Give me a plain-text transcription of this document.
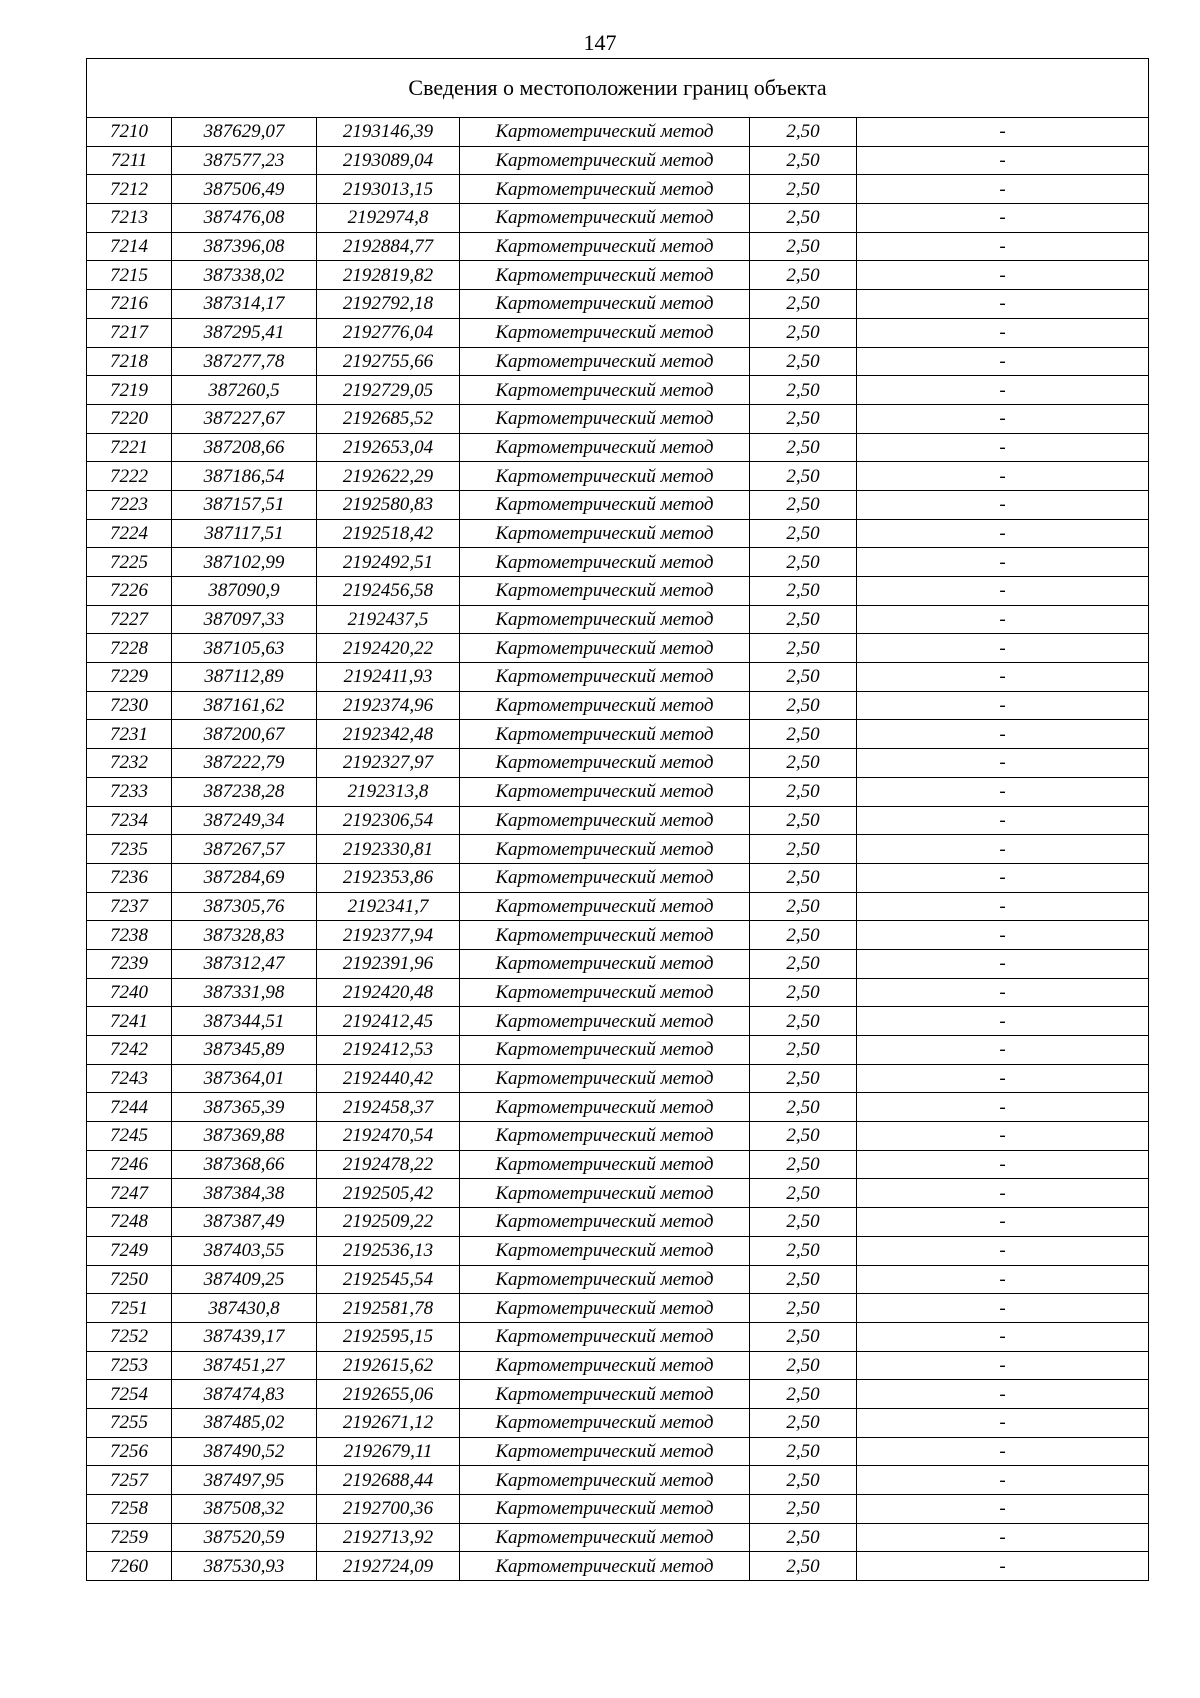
147
Сведения о местоположении границ объекта					
7210	387629,07	2193146,39	Картометрический метод	2,50	-
7211	387577,23	2193089,04	Картометрический метод	2,50	-
7212	387506,49	2193013,15	Картометрический метод	2,50	-
7213	387476,08	2192974,8	Картометрический метод	2,50	-
7214	387396,08	2192884,77	Картометрический метод	2,50	-
7215	387338,02	2192819,82	Картометрический метод	2,50	-
7216	387314,17	2192792,18	Картометрический метод	2,50	-
7217	387295,41	2192776,04	Картометрический метод	2,50	-
7218	387277,78	2192755,66	Картометрический метод	2,50	-
7219	387260,5	2192729,05	Картометрический метод	2,50	-
7220	387227,67	2192685,52	Картометрический метод	2,50	-
7221	387208,66	2192653,04	Картометрический метод	2,50	-
7222	387186,54	2192622,29	Картометрический метод	2,50	-
7223	387157,51	2192580,83	Картометрический метод	2,50	-
7224	387117,51	2192518,42	Картометрический метод	2,50	-
7225	387102,99	2192492,51	Картометрический метод	2,50	-
7226	387090,9	2192456,58	Картометрический метод	2,50	-
7227	387097,33	2192437,5	Картометрический метод	2,50	-
7228	387105,63	2192420,22	Картометрический метод	2,50	-
7229	387112,89	2192411,93	Картометрический метод	2,50	-
7230	387161,62	2192374,96	Картометрический метод	2,50	-
7231	387200,67	2192342,48	Картометрический метод	2,50	-
7232	387222,79	2192327,97	Картометрический метод	2,50	-
7233	387238,28	2192313,8	Картометрический метод	2,50	-
7234	387249,34	2192306,54	Картометрический метод	2,50	-
7235	387267,57	2192330,81	Картометрический метод	2,50	-
7236	387284,69	2192353,86	Картометрический метод	2,50	-
7237	387305,76	2192341,7	Картометрический метод	2,50	-
7238	387328,83	2192377,94	Картометрический метод	2,50	-
7239	387312,47	2192391,96	Картометрический метод	2,50	-
7240	387331,98	2192420,48	Картометрический метод	2,50	-
7241	387344,51	2192412,45	Картометрический метод	2,50	-
7242	387345,89	2192412,53	Картометрический метод	2,50	-
7243	387364,01	2192440,42	Картометрический метод	2,50	-
7244	387365,39	2192458,37	Картометрический метод	2,50	-
7245	387369,88	2192470,54	Картометрический метод	2,50	-
7246	387368,66	2192478,22	Картометрический метод	2,50	-
7247	387384,38	2192505,42	Картометрический метод	2,50	-
7248	387387,49	2192509,22	Картометрический метод	2,50	-
7249	387403,55	2192536,13	Картометрический метод	2,50	-
7250	387409,25	2192545,54	Картометрический метод	2,50	-
7251	387430,8	2192581,78	Картометрический метод	2,50	-
7252	387439,17	2192595,15	Картометрический метод	2,50	-
7253	387451,27	2192615,62	Картометрический метод	2,50	-
7254	387474,83	2192655,06	Картометрический метод	2,50	-
7255	387485,02	2192671,12	Картометрический метод	2,50	-
7256	387490,52	2192679,11	Картометрический метод	2,50	-
7257	387497,95	2192688,44	Картометрический метод	2,50	-
7258	387508,32	2192700,36	Картометрический метод	2,50	-
7259	387520,59	2192713,92	Картометрический метод	2,50	-
7260	387530,93	2192724,09	Картометрический метод	2,50	-
